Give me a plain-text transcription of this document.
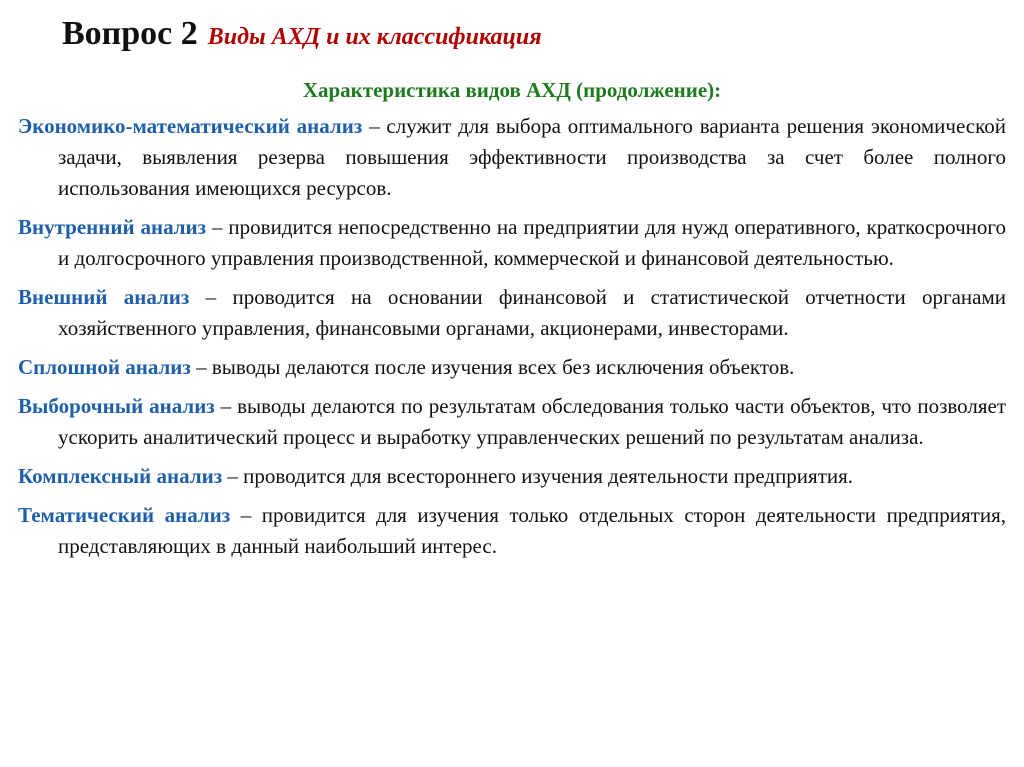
Вопрос 2 Виды АХД и их классификация
Характеристика видов АХД (продолжение):

Экономико-математический анализ – служит для выбора оптимального варианта решения экономической задачи, выявления резерва повышения эффективности производства за счет более полного использования имеющихся ресурсов.

Внутренний анализ – провидится непосредственно на предприятии для нужд оперативного, краткосрочного и долгосрочного управления производственной, коммерческой и финансовой деятельностью.

Внешний анализ – проводится на основании финансовой и статистической отчетности органами хозяйственного управления, финансовыми органами, акционерами, инвесторами.

Сплошной анализ – выводы делаются после изучения всех без исключения объектов.

Выборочный анализ – выводы делаются по результатам обследования только части объектов, что позволяет ускорить аналитический процесс и выработку управленческих решений по результатам анализа.

Комплексный анализ – проводится для всестороннего изучения деятельности предприятия.

Тематический анализ – провидится для изучения только отдельных сторон деятельности предприятия, представляющих в данный наибольший интерес.
